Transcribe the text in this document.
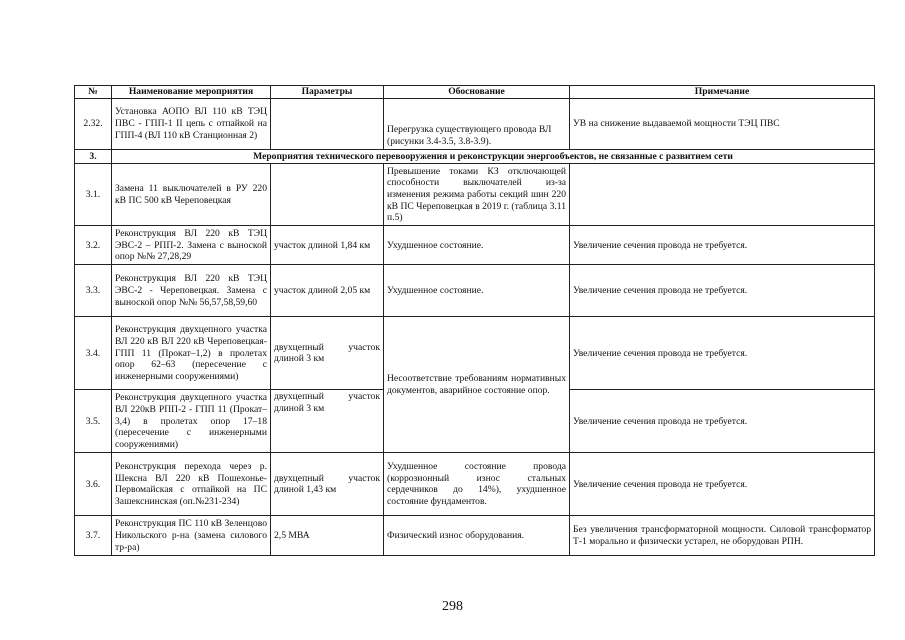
№	Наименование мероприятия	Параметры	Обоснование	Примечание
2.32.	Установка АОПО ВЛ 110 кВ ТЭЦ ПВС - ГПП-1 II цепь с отпайкой на ГПП-4 (ВЛ 110 кВ Станционная 2)		Перегрузка существующего провода ВЛ (рисунки 3.4-3.5, 3.8-3.9).	УВ на снижение выдаваемой мощности ТЭЦ ПВС
3.	Мероприятия технического перевооружения и реконструкции энергообъектов, не связанные с развитием сети			
3.1.	Замена 11 выключателей в РУ 220 кВ ПС 500 кВ Череповецкая		Превышение токами КЗ отключающей способности выключателей из-за изменения режима работы секций шин 220 кВ ПС Череповецкая в 2019 г. (таблица 3.11 п.5)	
3.2.	Реконструкция ВЛ 220 кВ ТЭЦ ЭВС-2 – РПП-2. Замена с выноской опор №№ 27,28,29	участок длиной 1,84 км	Ухудшенное состояние.	Увеличение сечения провода не требуется.
3.3.	Реконструкция ВЛ 220 кВ ТЭЦ ЭВС-2 - Череповецкая. Замена с выноской опор №№ 56,57,58,59,60	участок длиной 2,05 км	Ухудшенное состояние.	Увеличение сечения провода не требуется.
3.4.	Реконструкция двухцепного участка ВЛ 220 кВ ВЛ 220 кВ Череповецкая-ГПП 11 (Прокат–1,2) в пролетах опор 62–63 (пересечение с инженерными сооружениями)	двухцепный участок длиной 3 км	Несоответствие требованиям нормативных документов, аварийное состояние опор.	Увеличение сечения провода не требуется.
3.5.	Реконструкция двухцепного участка ВЛ 220кВ РПП-2 - ГПП 11 (Прокат–3,4) в пролетах опор 17–18 (пересечение с инженерными сооружениями)	двухцепный участок длиной 3 км		Увеличение сечения провода не требуется.
3.6.	Реконструкция перехода через р. Шексна ВЛ 220 кВ Пошехонье-Первомайская с отпайкой на ПС Зашекснинская (оп.№231-234)	двухцепный участок длиной 1,43 км	Ухудшенное состояние провода (коррозионный износ стальных сердечников до 14%), ухудшенное состояние фундаментов.	Увеличение сечения провода не требуется.
3.7.	Реконструкция ПС 110 кВ Зеленцово Никольского р-на (замена силового тр-ра)	2,5 МВА	Физический износ оборудования.	Без увеличения трансформаторной мощности. Силовой трансформатор Т-1 морально и физически устарел, не оборудован РПН.
298
